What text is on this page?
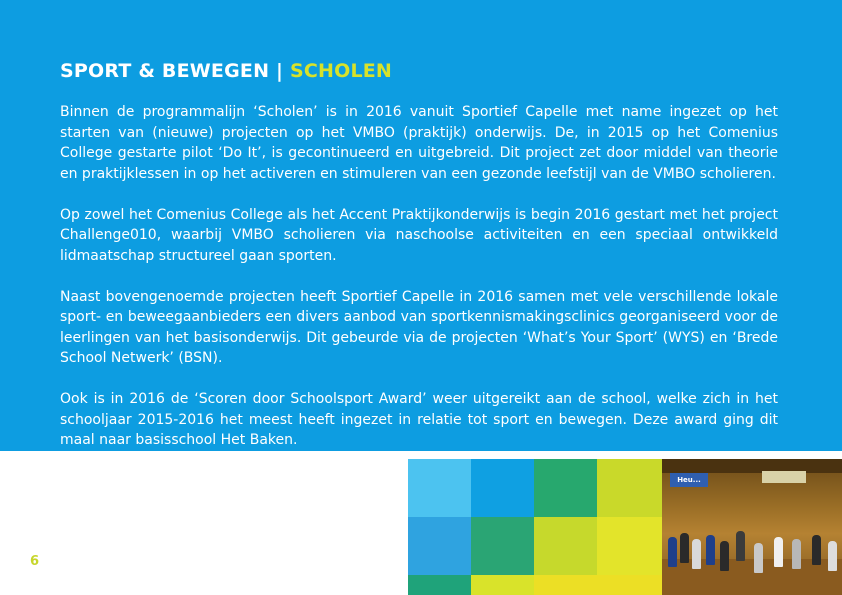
SPORT & BEWEGEN | SCHOLEN

Binnen de programmalijn ‘Scholen’ is in 2016 vanuit Sportief Capelle met name ingezet op het starten van (nieuwe) projecten op het VMBO (praktijk) onderwijs. De, in 2015 op het Comenius College gestarte pilot ‘Do It’, is gecontinueerd en uitgebreid. Dit project zet door middel van theorie en praktijklessen in op het activeren en stimuleren van een gezonde leefstijl van de VMBO scholieren.

Op zowel het Comenius College als het Accent Praktijkonderwijs is begin 2016 gestart met het project Challenge010, waarbij VMBO scholieren via naschoolse activiteiten en een speciaal ontwikkeld lidmaatschap structureel gaan sporten.

Naast bovengenoemde projecten heeft Sportief Capelle in 2016 samen met vele verschillende lokale sport- en beweegaanbieders een divers aanbod van sportkennismakingsclinics georganiseerd voor de leerlingen van het basisonderwijs. Dit gebeurde via de projecten ‘What’s Your Sport’ (WYS) en ‘Brede School Netwerk’ (BSN).

Ook is in 2016 de ‘Scoren door Schoolsport Award’ weer uitgereikt aan de school, welke zich in het schooljaar 2015-2016 het meest heeft ingezet in relatie tot sport en bewegen. Deze award ging dit maal naar basisschool Het Baken.

6
Heu...
